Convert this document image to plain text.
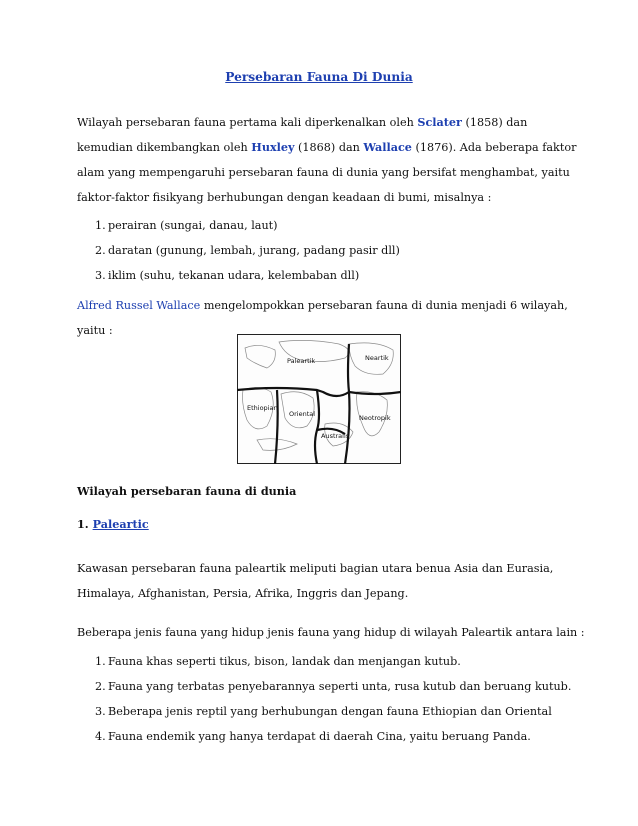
Persebaran Fauna Di Dunia

Wilayah persebaran fauna pertama kali diperkenalkan oleh Sclater (1858) dan kemudian dikembangkan oleh Huxley (1868) dan Wallace (1876). Ada beberapa faktor alam yang mempengaruhi persebaran fauna di dunia yang bersifat menghambat, yaitu faktor-faktor fisikyang berhubungan dengan keadaan di bumi, misalnya :

1. perairan (sungai, danau, laut)
2. daratan (gunung, lembah, jurang, padang pasir dll)
3. iklim (suhu, tekanan udara, kelembaban dll)

Alfred Russel Wallace mengelompokkan persebaran fauna di dunia menjadi 6 wilayah, yaitu :

Paleartik	Neartik
Ethiopian
Oriental
Australis
Neotropik
Wilayah persebaran fauna di dunia
1. Paleartic

Kawasan persebaran fauna paleartik meliputi bagian utara benua Asia dan Eurasia, Himalaya, Afghanistan, Persia, Afrika, Inggris dan Jepang.

Beberapa jenis fauna yang hidup jenis fauna yang hidup di wilayah Paleartik antara lain :

1. Fauna khas seperti tikus, bison, landak dan menjangan kutub.
2. Fauna yang terbatas penyebarannya seperti unta, rusa kutub dan beruang kutub.
3. Beberapa jenis reptil yang berhubungan dengan fauna Ethiopian dan Oriental
4. Fauna endemik yang hanya terdapat di daerah Cina, yaitu beruang Panda.
